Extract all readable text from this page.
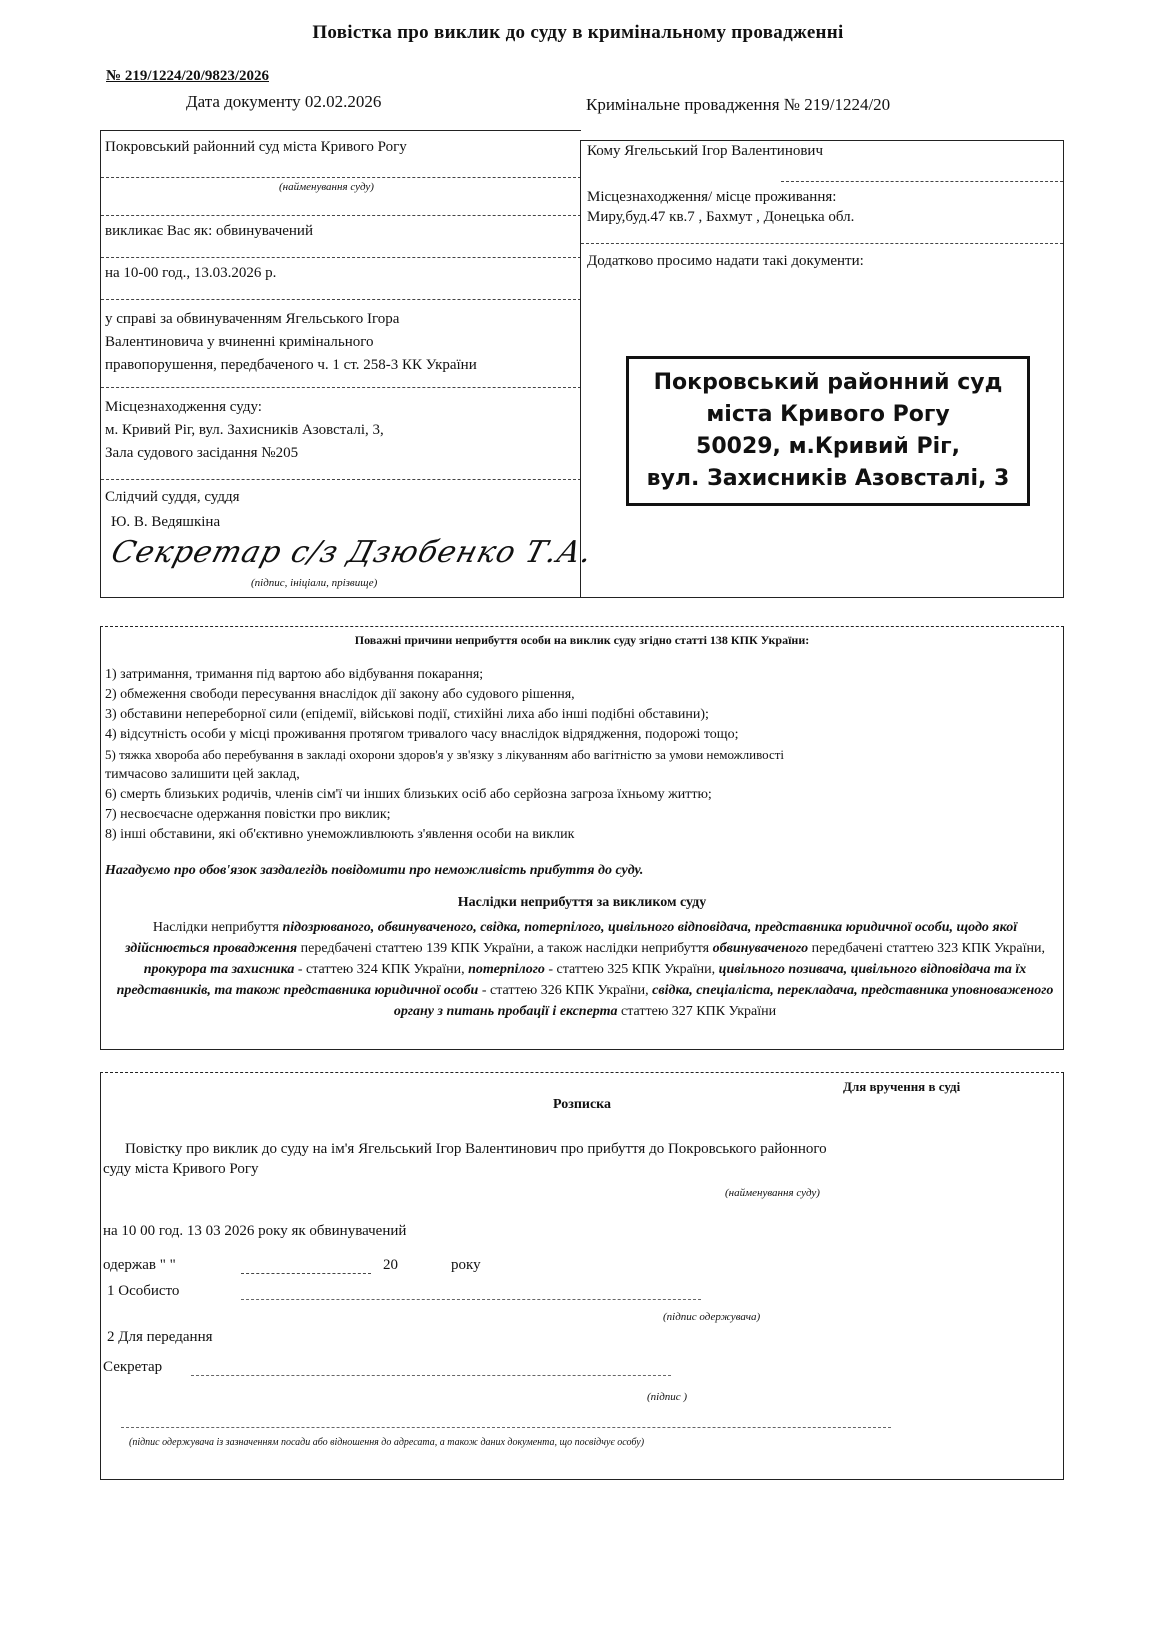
Повістка про виклик до суду в кримінальному провадженні
№ 219/1224/20/9823/2026
Дата документу 02.02.2026	Кримінальне провадження № 219/1224/20
Покровський районний суд міста Кривого Рогу
(найменування суду)
викликає Вас як: обвинувачений
на 10-00 год., 13.03.2026 р.
у справі за обвинуваченням Ягельського Ігора
Валентиновича у вчиненні кримінального
правопорушення, передбаченого ч. 1 ст. 258-3 КК України
Місцезнаходження суду:
м. Кривий Ріг, вул. Захисників Азовсталі, 3,
Зала судового засідання №205
Слідчий суддя, суддя
Ю. В. Ведяшкіна
(підпис, ініціали, прізвище)
Секретар с/з Дзюбенко Т.А.
Кому Ягельський Ігор Валентинович
Місцезнаходження/ місце проживання:
Миру,буд.47 кв.7 , Бахмут , Донецька обл.
Додатково просимо надати такі документи:
Покровський районний суд
міста Кривого Рогу
50029, м.Кривий Ріг,
вул. Захисників Азовсталі, 3
Поважні причини неприбуття особи на виклик суду згідно статті 138 КПК України:
1) затримання, тримання під вартою або відбування покарання;
2) обмеження свободи пересування внаслідок дії закону або судового рішення,
3) обставини непереборної сили (епідемії, військові події, стихійні лиха або інші подібні обставини);
4) відсутність особи у місці проживання протягом тривалого часу внаслідок відрядження, подорожі тощо;
5) тяжка хвороба або перебування в закладі охорони здоров'я у зв'язку з лікуванням або вагітністю за умови неможливості
тимчасово залишити цей заклад,
6) смерть близьких родичів, членів сім'ї чи інших близьких осіб або серйозна загроза їхньому життю;
7) несвоєчасне одержання повістки про виклик;
8) інші обставини, які об'єктивно унеможливлюють з'явлення особи на виклик
Нагадуємо про обов'язок заздалегідь повідомити про неможливість прибуття до суду.
Наслідки неприбуття за викликом суду
Наслідки неприбуття підозрюваного, обвинуваченого, свідка, потерпілого, цивільного відповідача, представника юридичної особи, щодо якої здійснюється провадження передбачені статтею 139 КПК України, а також наслідки неприбуття обвинуваченого передбачені статтею 323 КПК України, прокурора та захисника - статтею 324 КПК України, потерпілого - статтею 325 КПК України, цивільного позивача, цивільного відповідача та їх представників, та також представника юридичної особи - статтею 326 КПК України, свідка, спеціаліста, перекладача, представника уповноваженого органу з питань пробації і експерта статтею 327 КПК України
Для вручення в суді
Розписка
Повістку про виклик до суду на ім'я Ягельський Ігор Валентинович про прибуття до Покровського районного
суду міста Кривого Рогу
(найменування суду)
на 10 00 год. 13 03 2026 року як обвинувачений
одержав " "	20	року
1 Особисто
(підпис одержувача)
2 Для передання
Секретар
(підпис )
(підпис одержувача із зазначенням посади або відношення до адресата, а також даних документа, що посвідчує особу)
